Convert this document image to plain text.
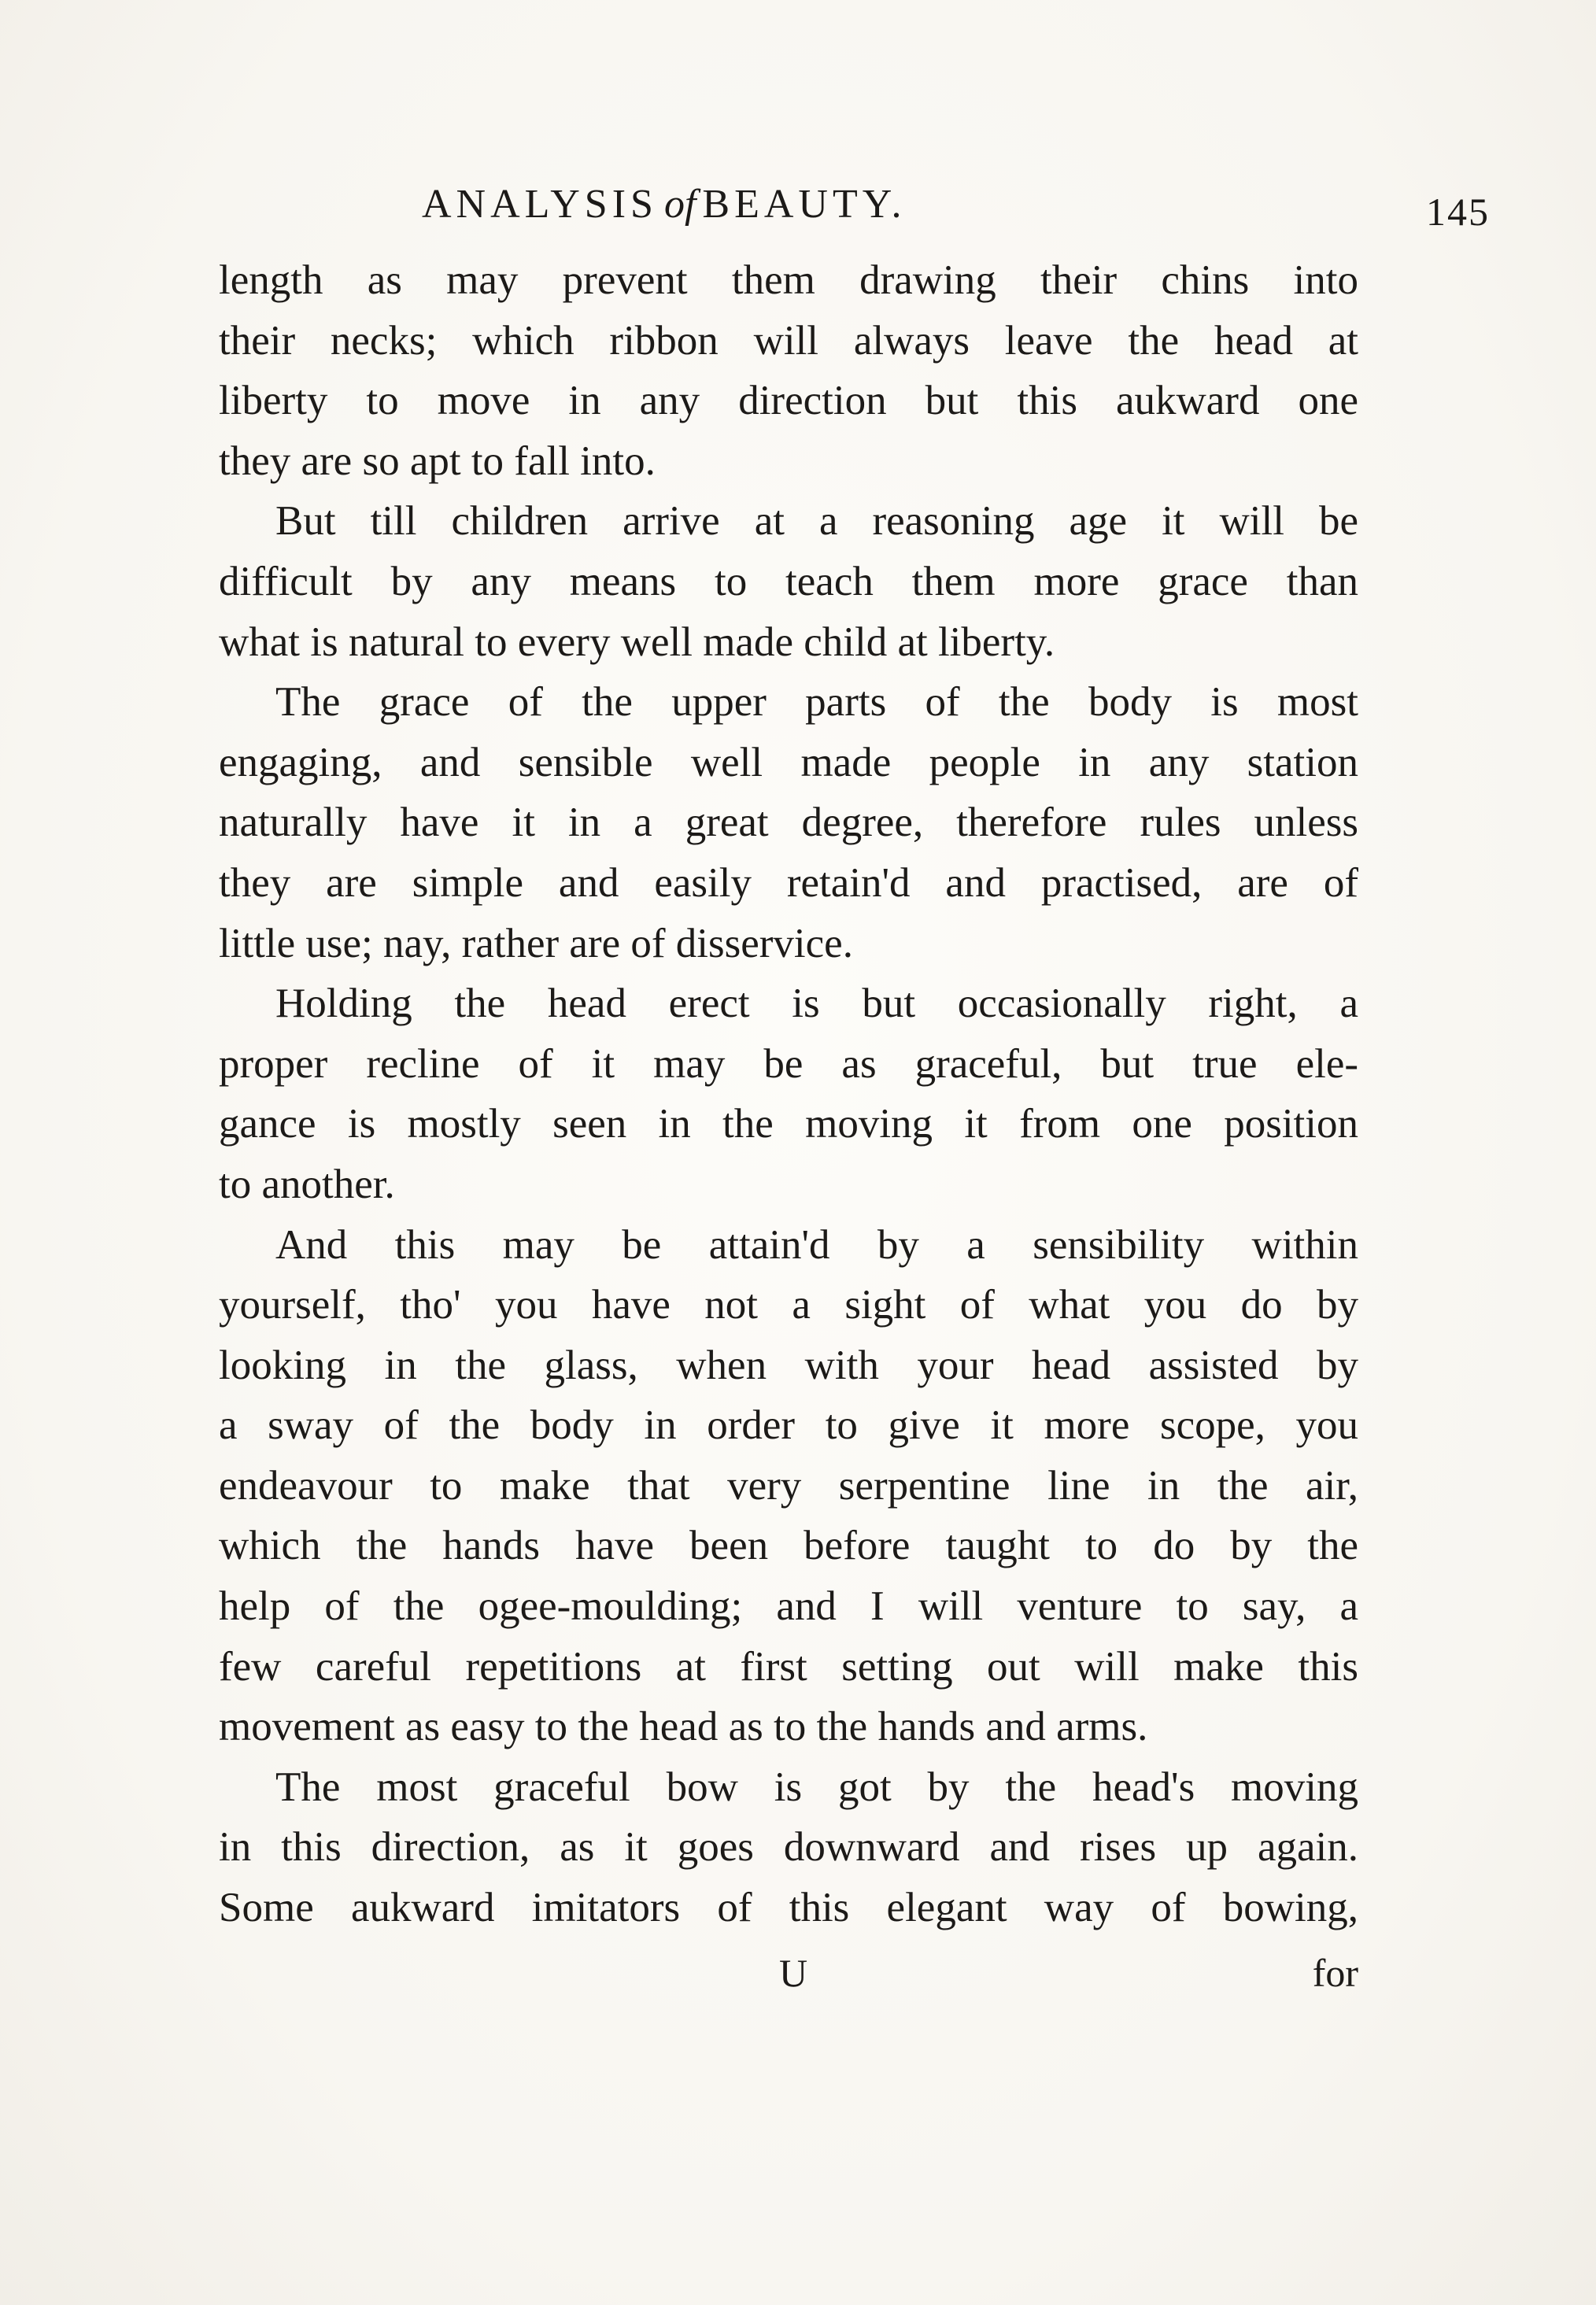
ANALYSIS of BEAUTY.	145
length as may prevent them drawing their chins into
their necks; which ribbon will always leave the head at
liberty to move in any direction but this aukward one
they are so apt to fall into.
But till children arrive at a reasoning age it will be
difficult by any means to teach them more grace than
what is natural to every well made child at liberty.
The grace of the upper parts of the body is most
engaging, and sensible well made people in any station
naturally have it in a great degree, therefore rules unless
they are simple and easily retain'd and practised, are of
little use; nay, rather are of disservice.
Holding the head erect is but occasionally right, a
proper recline of it may be as graceful, but true ele-
gance is mostly seen in the moving it from one position
to another.
And this may be attain'd by a sensibility within
yourself, tho' you have not a sight of what you do by
looking in the glass, when with your head assisted by
a sway of the body in order to give it more scope, you
endeavour to make that very serpentine line in the air,
which the hands have been before taught to do by the
help of the ogee-moulding; and I will venture to say, a
few careful repetitions at first setting out will make this
movement as easy to the head as to the hands and arms.
The most graceful bow is got by the head's moving
in this direction, as it goes downward and rises up again.
Some aukward imitators of this elegant way of bowing,
U	for
